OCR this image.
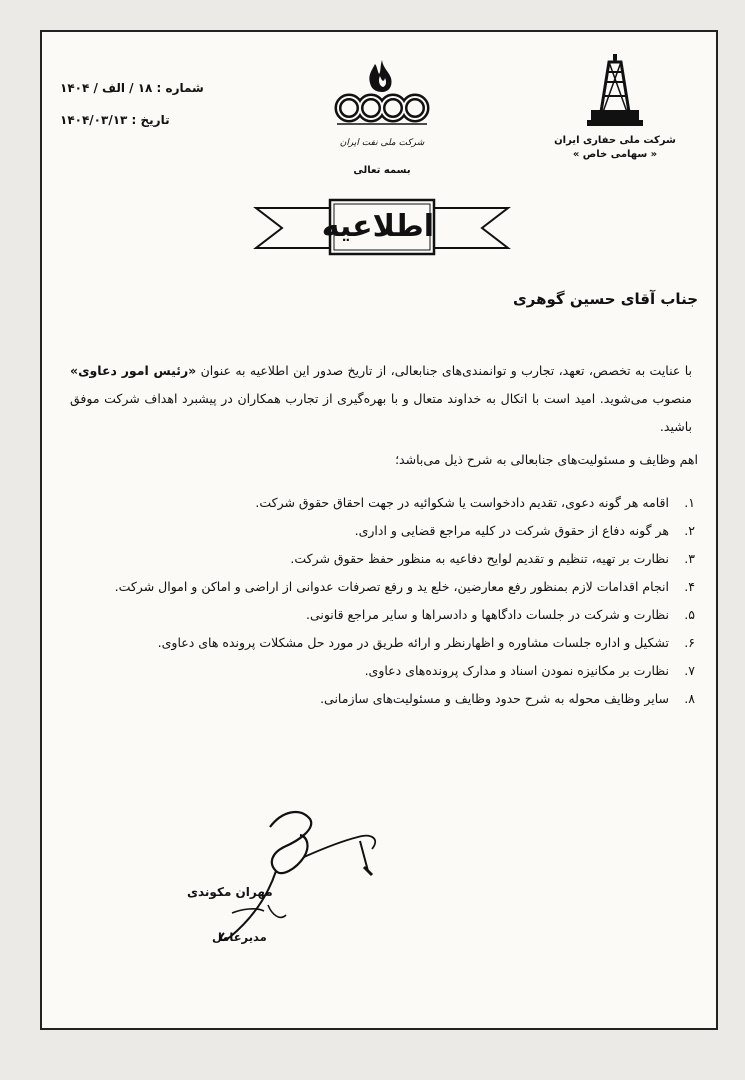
شماره : ۱۸ / الف / ۱۴۰۴
تاریخ : ۱۴۰۴/۰۳/۱۳
شرکت ملی نفت ایران	شرکت ملی حفاری ایران
« سهامی خاص »
بسمه تعالی
اطلاعیه
جناب آقای حسین گوهری

با عنایت به تخصص، تعهد، تجارب و توانمندی‌های جنابعالی، از تاریخ صدور این اطلاعیه به عنوان «رئیس امور دعاوی» منصوب می‌شوید. امید است با اتکال به خداوند متعال و با بهره‌گیری از تجارب همکاران در پیشبرد اهداف شرکت موفق باشید.

اهم وظایف و مسئولیت‌های جنابعالی به شرح ذیل می‌باشد؛
۱.
اقامه هر گونه دعوی، تقدیم دادخواست یا شکوائیه در جهت احقاق حقوق شرکت.
۲.
هر گونه دفاع از حقوق شرکت در کلیه مراجع قضایی و اداری.
۳.
نظارت بر تهیه، تنظیم و تقدیم لوایح دفاعیه به منظور حفظ حقوق شرکت.
۴.
انجام اقدامات لازم بمنظور رفع معارضین، خلع ید و رفع تصرفات عدوانی از اراضی و اماکن و اموال شرکت.
۵.
نظارت و شرکت در جلسات دادگاهها و دادسراها و سایر مراجع قانونی.
۶.
تشکیل و اداره جلسات مشاوره و اظهارنظر و ارائه طریق در مورد حل مشکلات پرونده های دعاوی.
۷.
نظارت بر مکانیزه نمودن اسناد و مدارک پرونده‌های دعاوی.
۸.
سایر وظایف محوله به شرح حدود وظایف و مسئولیت‌های سازمانی.
مهران مکوندی
مدیرعامل
